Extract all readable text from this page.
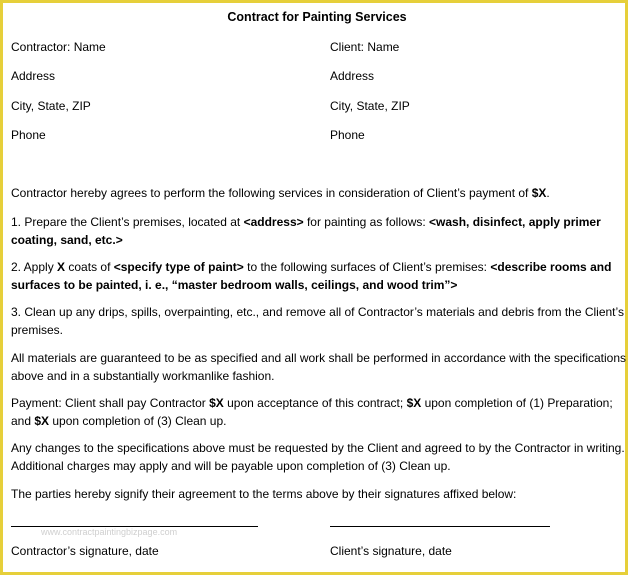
Contract for Painting Services
Contractor: Name	Client: Name
Address	Address
City, State, ZIP	City, State, ZIP
Phone	Phone
Contractor hereby agrees to perform the following services in consideration of Client’s payment of $X.
1. Prepare the Client’s premises, located at <address> for painting as follows: <wash, disinfect, apply primer coating, sand, etc.>
2. Apply X coats of <specify type of paint> to the following surfaces of Client’s premises: <describe rooms and surfaces to be painted, i. e., “master bedroom walls, ceilings, and wood trim”>
3. Clean up any drips, spills, overpainting, etc., and remove all of Contractor’s materials and debris from the Client’s premises.
All materials are guaranteed to be as specified and all work shall be performed in accordance with the specifications above and in a substantially workmanlike fashion.
Payment: Client shall pay Contractor $X upon acceptance of this contract; $X upon completion of (1) Preparation; and $X upon completion of (3) Clean up.
Any changes to the specifications above must be requested by the Client and agreed to by the Contractor in writing. Additional charges may apply and will be payable upon completion of (3) Clean up.
The parties hereby signify their agreement to the terms above by their signatures affixed below:
www.contractpaintingbizpage.com
Contractor’s signature, date	Client’s signature, date
